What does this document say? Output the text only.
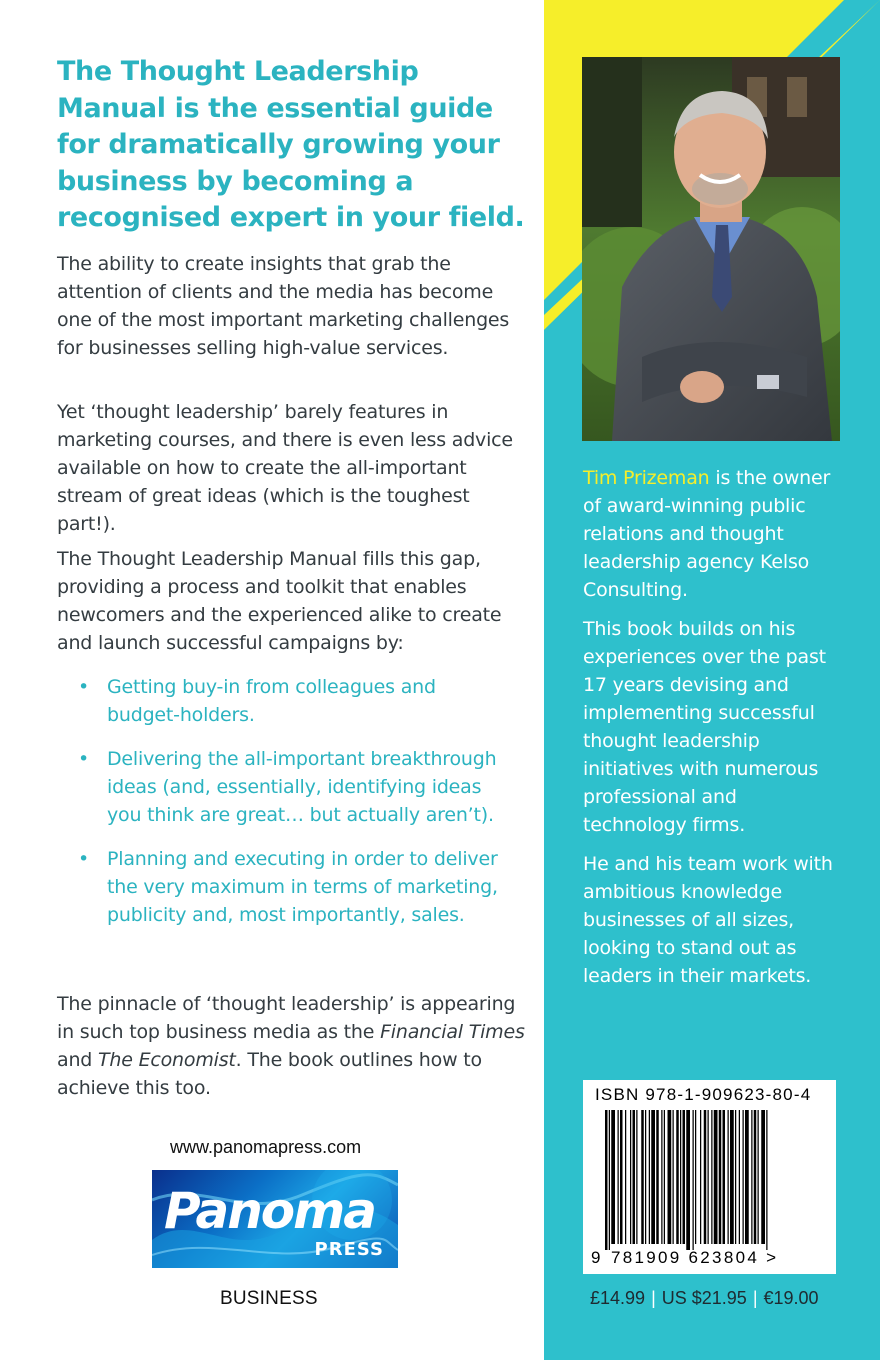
The Thought Leadership Manual is the essential guide for dramatically growing your business by becoming a recognised expert in your field.

The ability to create insights that grab the attention of clients and the media has become one of the most important marketing challenges for businesses selling high-value services.

Yet ‘thought leadership’ barely features in marketing courses, and there is even less advice available on how to create the all-important stream of great ideas (which is the toughest part!).

The Thought Leadership Manual fills this gap, providing a process and toolkit that enables newcomers and the experienced alike to create and launch successful campaigns by:

• Getting buy-in from colleagues and budget-holders.
• Delivering the all-important breakthrough ideas (and, essentially, identifying ideas you think are great… but actually aren’t).
• Planning and executing in order to deliver the very maximum in terms of marketing, publicity and, most importantly, sales.

The pinnacle of ‘thought leadership’ is appearing in such top business media as the Financial Times and The Economist. The book outlines how to achieve this too.

www.panomapress.com
Panoma
PRESS
BUSINESS

Tim Prizeman is the owner of award-winning public relations and thought leadership agency Kelso Consulting.

This book builds on his experiences over the past 17 years devising and implementing successful thought leadership initiatives with numerous professional and technology firms.

He and his team work with ambitious knowledge businesses of all sizes, looking to stand out as leaders in their markets.

ISBN 978-1-909623-80-4
9 781909 623804 >
£14.99 | US $21.95 | €19.00
